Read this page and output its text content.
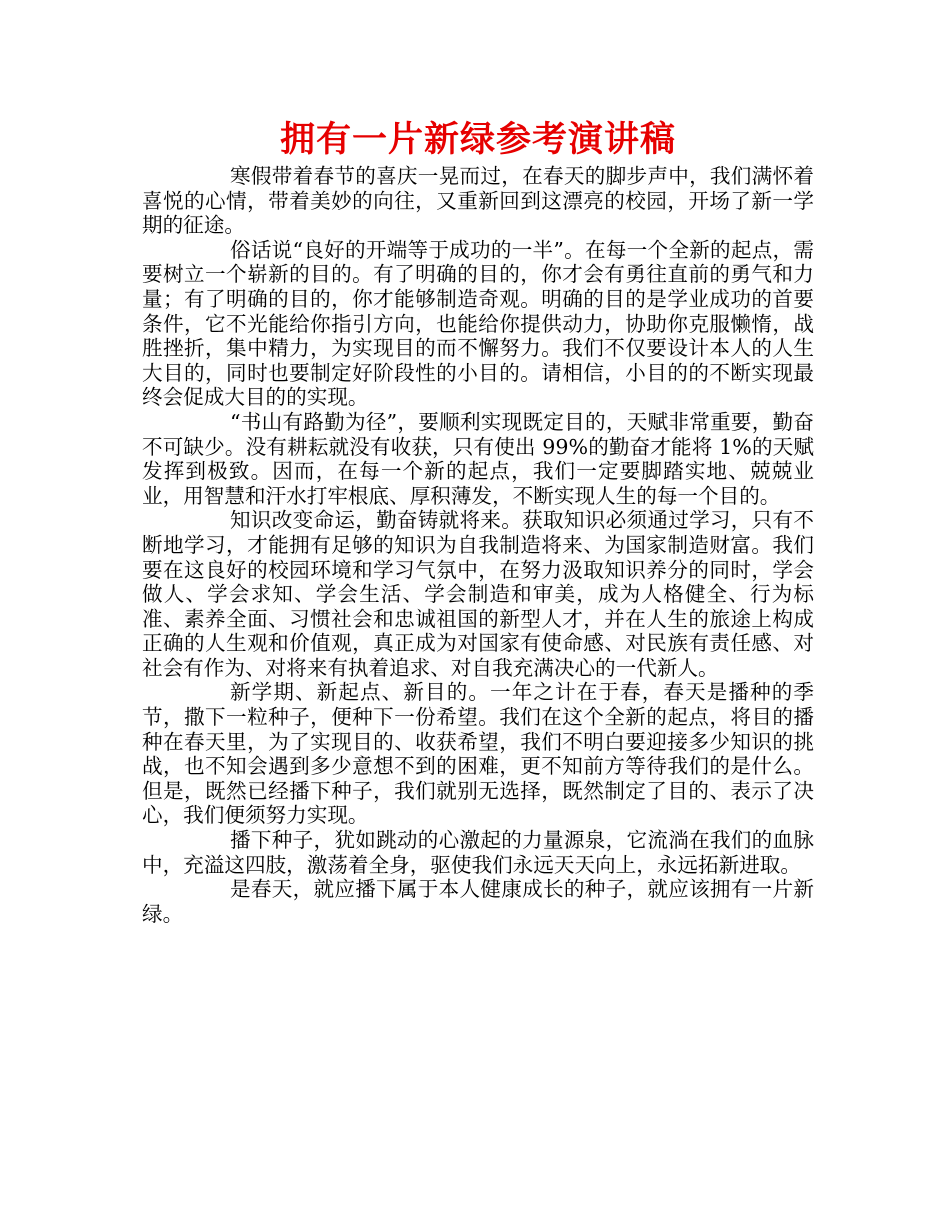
拥有一片新绿参考演讲稿

寒假带着春节的喜庆一晃而过，在春天的脚步声中，我们满怀着喜悦的心情，带着美妙的向往，又重新回到这漂亮的校园，开场了新一学期的征途。

俗话说“良好的开端等于成功的一半”。在每一个全新的起点，需要树立一个崭新的目的。有了明确的目的，你才会有勇往直前的勇气和力量；有了明确的目的，你才能够制造奇观。明确的目的是学业成功的首要条件，它不光能给你指引方向，也能给你提供动力，协助你克服懒惰，战胜挫折，集中精力，为实现目的而不懈努力。我们不仅要设计本人的人生大目的，同时也要制定好阶段性的小目的。请相信，小目的的不断实现最终会促成大目的的实现。

“书山有路勤为径”，要顺利实现既定目的，天赋非常重要，勤奋不可缺少。没有耕耘就没有收获，只有使出 99%的勤奋才能将 1%的天赋发挥到极致。因而，在每一个新的起点，我们一定要脚踏实地、兢兢业业，用智慧和汗水打牢根底、厚积薄发，不断实现人生的每一个目的。

知识改变命运，勤奋铸就将来。获取知识必须通过学习，只有不断地学习，才能拥有足够的知识为自我制造将来、为国家制造财富。我们要在这良好的校园环境和学习气氛中，在努力汲取知识养分的同时，学会做人、学会求知、学会生活、学会制造和审美，成为人格健全、行为标准、素养全面、习惯社会和忠诚祖国的新型人才，并在人生的旅途上构成正确的人生观和价值观，真正成为对国家有使命感、对民族有责任感、对社会有作为、对将来有执着追求、对自我充满决心的一代新人。

新学期、新起点、新目的。一年之计在于春，春天是播种的季节，撒下一粒种子，便种下一份希望。我们在这个全新的起点，将目的播种在春天里，为了实现目的、收获希望，我们不明白要迎接多少知识的挑战，也不知会遇到多少意想不到的困难，更不知前方等待我们的是什么。但是，既然已经播下种子，我们就别无选择，既然制定了目的、表示了决心，我们便须努力实现。

播下种子，犹如跳动的心激起的力量源泉，它流淌在我们的血脉中，充溢这四肢，激荡着全身，驱使我们永远天天向上，永远拓新进取。

是春天，就应播下属于本人健康成长的种子，就应该拥有一片新绿。
